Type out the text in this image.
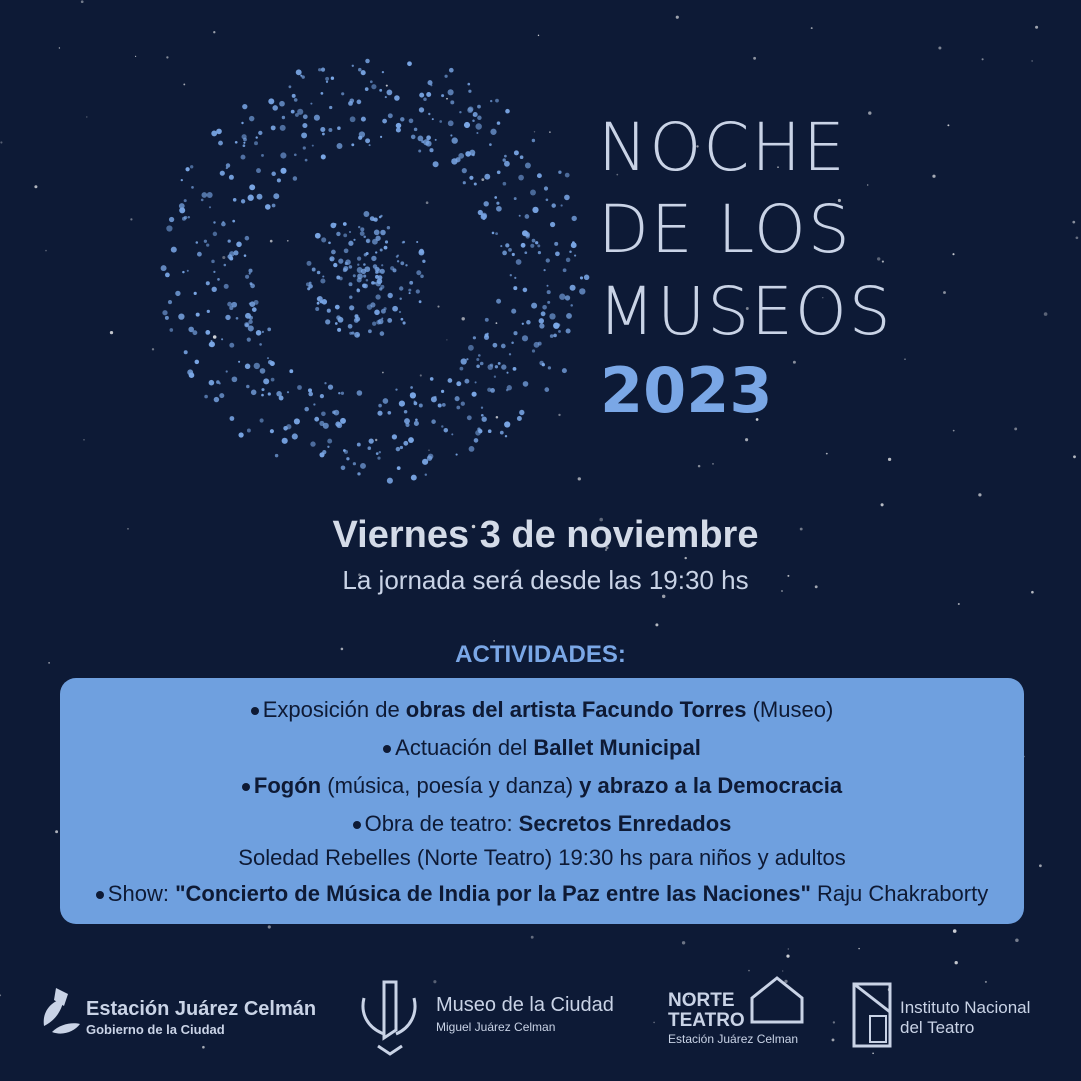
NOCHE
DE LOS
MUSEOS
2023
Viernes 3 de noviembre
La jornada será desde las 19:30 hs
ACTIVIDADES:
Exposición de obras del artista Facundo Torres (Museo)
Actuación del Ballet Municipal
Fogón (música, poesía y danza) y abrazo a la Democracia
Obra de teatro: Secretos Enredados
Soledad Rebelles (Norte Teatro) 19:30 hs para niños y adultos
Show: "Concierto de Música de India por la Paz entre las Naciones" Raju Chakraborty
Estación Juárez Celmán
Gobierno de la Ciudad
Museo de la Ciudad
Miguel Juárez Celman
NORTE
TEATRO
Estación Juárez Celman
Instituto Nacional
del Teatro
